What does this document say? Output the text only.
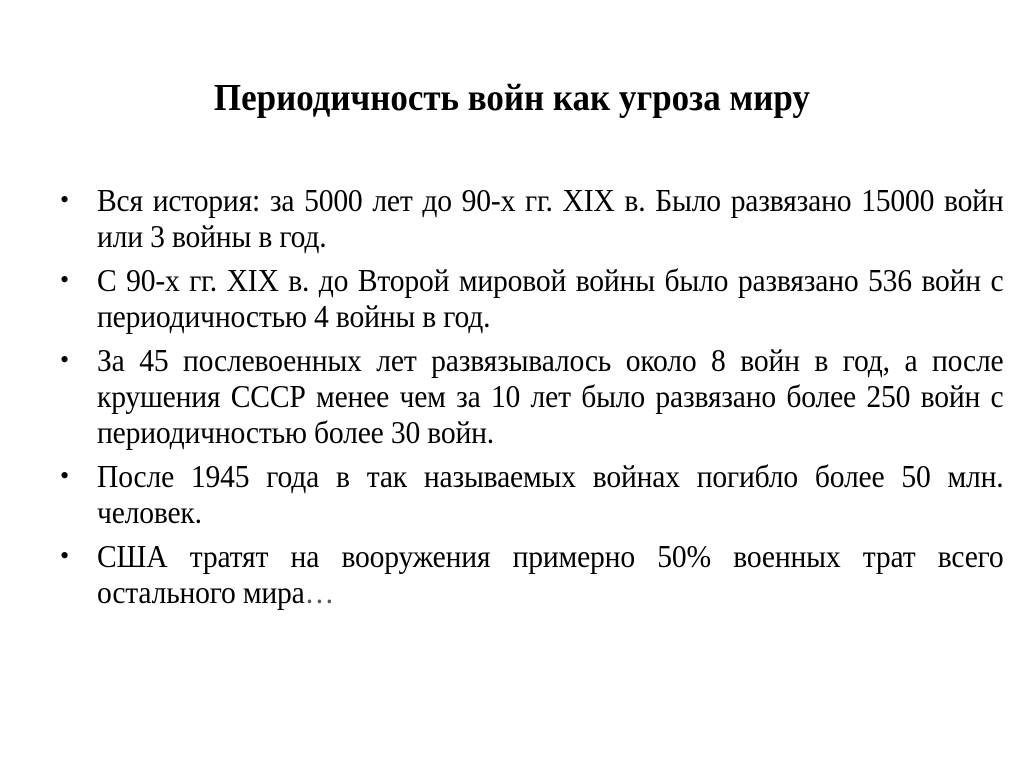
Периодичность войн как угроза миру
• Вся история: за 5000 лет до 90-х гг. XIX в. Было развязано 15000 войн или 3 войны в год.
• С 90-х гг. XIX в. до Второй мировой войны было развязано 536 войн с периодичностью 4 войны в год.
• За 45 послевоенных лет развязывалось около 8 войн в год, а после крушения СССР менее чем за 10 лет было развязано более 250 войн с периодичностью более 30 войн.
• После 1945 года в так называемых войнах погибло более 50 млн. человек.
• США тратят на вооружения примерно 50% военных трат всего остального мира…
